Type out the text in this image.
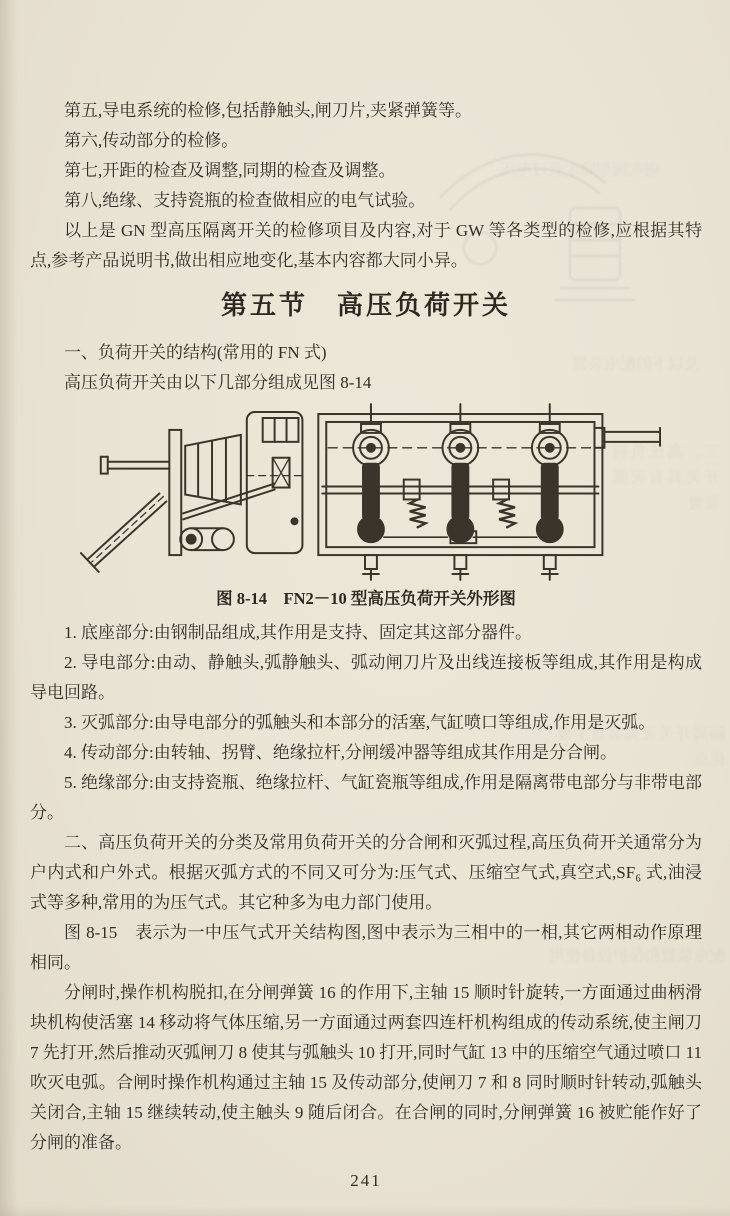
磁吹阀型除尘管过电压
及以下的配电装置
三、高压负荷开关具有灭弧装置
隔离开关灭弧装置主要优点
配电装置和保护设备使用

第五,导电系统的检修,包括静触头,闸刀片,夹紧弹簧等。

第六,传动部分的检修。

第七,开距的检查及调整,同期的检查及调整。

第八,绝缘、支持瓷瓶的检查做相应的电气试验。

以上是 GN 型高压隔离开关的检修项目及内容,对于 GW 等各类型的检修,应根据其特点,参考产品说明书,做出相应地变化,基本内容都大同小异。

第五节　高压负荷开关

一、负荷开关的结构(常用的 FN 式)

高压负荷开关由以下几部分组成见图 8-14

图 8-14　FN2－10 型高压负荷开关外形图

1. 底座部分:由钢制品组成,其作用是支持、固定其这部分器件。

2. 导电部分:由动、静触头,弧静触头、弧动闸刀片及出线连接板等组成,其作用是构成导电回路。

3. 灭弧部分:由导电部分的弧触头和本部分的活塞,气缸喷口等组成,作用是灭弧。

4. 传动部分:由转轴、拐臂、绝缘拉杆,分闸缓冲器等组成其作用是分合闸。

5. 绝缘部分:由支持瓷瓶、绝缘拉杆、气缸瓷瓶等组成,作用是隔离带电部分与非带电部分。

二、高压负荷开关的分类及常用负荷开关的分合闸和灭弧过程,高压负荷开关通常分为户内式和户外式。根据灭弧方式的不同又可分为:压气式、压缩空气式,真空式,SF₆ 式,油浸式等多种,常用的为压气式。其它种多为电力部门使用。

图 8-15　表示为一中压气式开关结构图,图中表示为三相中的一相,其它两相动作原理相同。

分闸时,操作机构脱扣,在分闸弹簧 16 的作用下,主轴 15 顺时针旋转,一方面通过曲柄滑块机构使活塞 14 移动将气体压缩,另一方面通过两套四连杆机构组成的传动系统,使主闸刀 7 先打开,然后推动灭弧闸刀 8 使其与弧触头 10 打开,同时气缸 13 中的压缩空气通过喷口 11 吹灭电弧。合闸时操作机构通过主轴 15 及传动部分,使闸刀 7 和 8 同时顺时针转动,弧触头关闭合,主轴 15 继续转动,使主触头 9 随后闭合。在合闸的同时,分闸弹簧 16 被贮能作好了分闸的准备。

241
